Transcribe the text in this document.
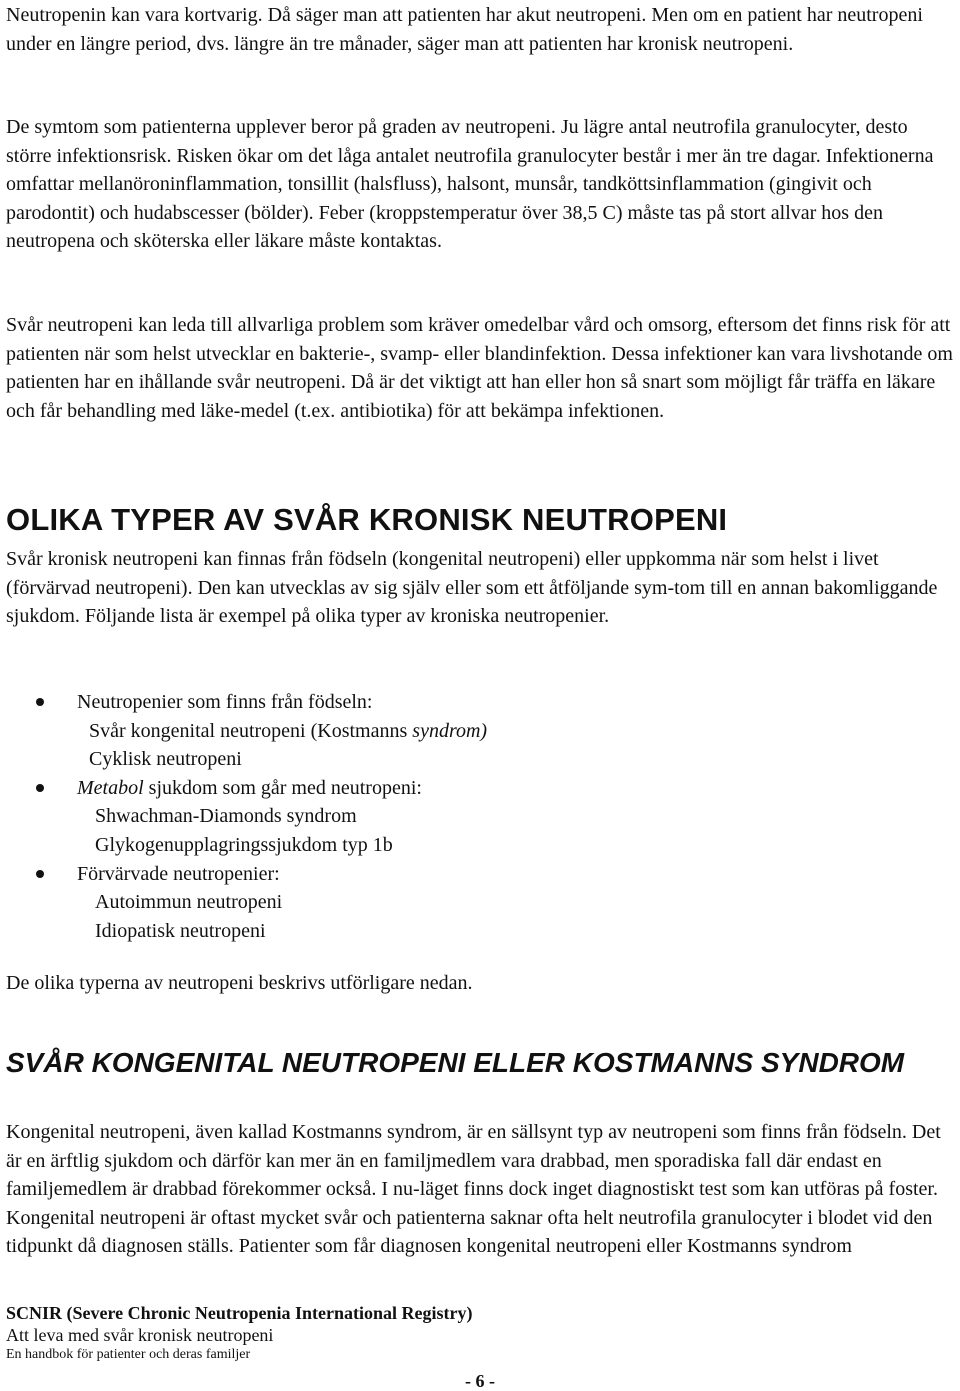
Neutropenin kan vara kortvarig. Då säger man att patienten har akut neutropeni. Men om en patient har neutropeni under en längre period, dvs. längre än tre månader, säger man att patienten har kronisk neutropeni.

De symtom som patienterna upplever beror på graden av neutropeni. Ju lägre antal neutrofila granulocyter, desto större infektionsrisk. Risken ökar om det låga antalet neutrofila granulocyter består i mer än tre dagar. Infektionerna omfattar mellanöroninflammation, tonsillit (halsfluss), halsont, munsår, tandköttsinflammation (gingivit och parodontit) och hudabscesser (bölder). Feber (kroppstemperatur över 38,5 C) måste tas på stort allvar hos den neutropena och sköterska eller läkare måste kontaktas.

Svår neutropeni kan leda till allvarliga problem som kräver omedelbar vård och omsorg, eftersom det finns risk för att patienten när som helst utvecklar en bakterie-, svamp- eller blandinfektion. Dessa infektioner kan vara livshotande om patienten har en ihållande svår neutropeni. Då är det viktigt att han eller hon så snart som möjligt får träffa en läkare och får behandling med läke-medel (t.ex. antibiotika) för att bekämpa infektionen.

OLIKA TYPER AV SVÅR KRONISK NEUTROPENI

Svår kronisk neutropeni kan finnas från födseln (kongenital neutropeni) eller uppkomma när som helst i livet (förvärvad neutropeni). Den kan utvecklas av sig själv eller som ett åtföljande sym-tom till en annan bakomliggande sjukdom. Följande lista är exempel på olika typer av kroniska neutropenier.

Neutropenier som finns från födseln:
Svår kongenital neutropeni (Kostmanns syndrom)
Cyklisk neutropeni
Metabol sjukdom som går med neutropeni:
Shwachman-Diamonds syndrom
Glykogenupplagringssjukdom typ 1b
Förvärvade neutropenier:
Autoimmun neutropeni
Idiopatisk neutropeni

De olika typerna av neutropeni beskrivs utförligare nedan.

SVÅR KONGENITAL NEUTROPENI ELLER KOSTMANNS SYNDROM

Kongenital neutropeni, även kallad Kostmanns syndrom, är en sällsynt typ av neutropeni som finns från födseln. Det är en ärftlig sjukdom och därför kan mer än en familjmedlem vara drabbad, men sporadiska fall där endast en familjemedlem är drabbad förekommer också. I nu-läget finns dock inget diagnostiskt test som kan utföras på foster. Kongenital neutropeni är oftast mycket svår och patienterna saknar ofta helt neutrofila granulocyter i blodet vid den tidpunkt då diagnosen ställs. Patienter som får diagnosen kongenital neutropeni eller Kostmanns syndrom

SCNIR (Severe Chronic Neutropenia International Registry)
Att leva med svår kronisk neutropeni
En handbok för patienter och deras familjer
- 6 -
